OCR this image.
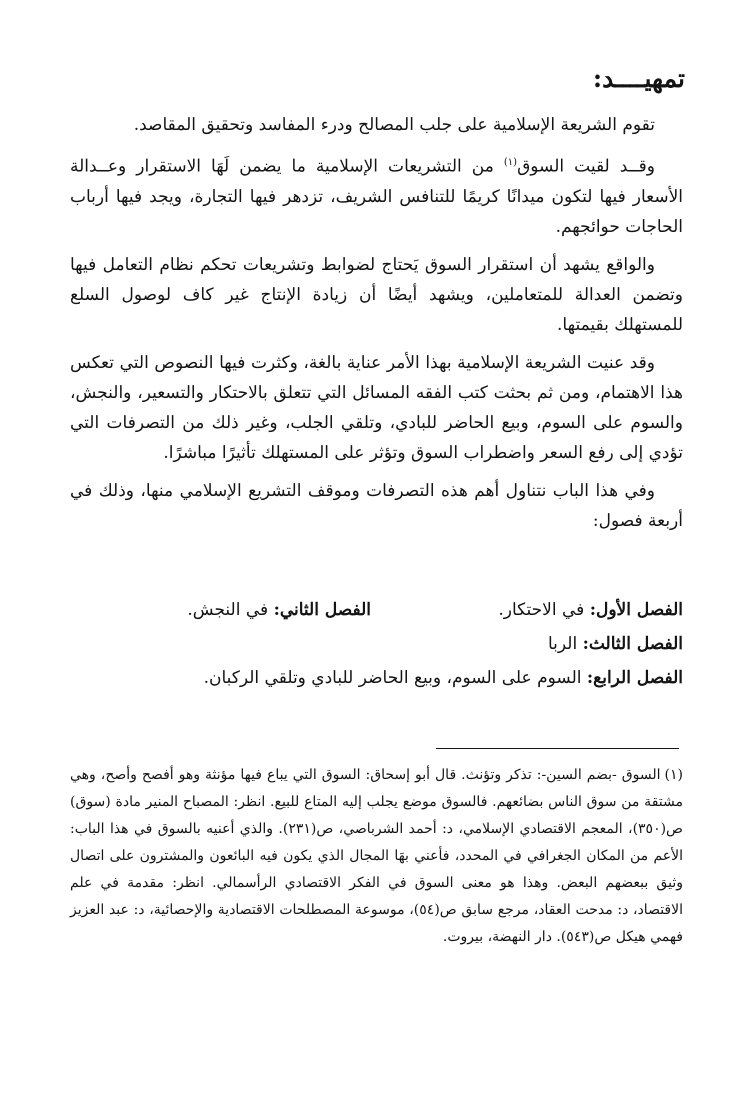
تمهيــــد:

تقوم الشريعة الإسلامية على جلب المصالح ودرء المفاسد وتحقيق المقاصد.

وقــد لقيت السوق$^{(١)}$ من التشريعات الإسلامية ما يضمن لَهَا الاستقرار وعــدالة الأسعار فيها لتكون ميدانًا كريمًا للتنافس الشريف، تزدهر فيها التجارة، ويجد فيها أرباب الحاجات حوائجهم.

والواقع يشهد أن استقرار السوق يَحتاج لضوابط وتشريعات تحكم نظام التعامل فيها وتضمن العدالة للمتعاملين، ويشهد أيضًا أن زيادة الإنتاج غير كاف لوصول السلع للمستهلك بقيمتها.

وقد عنيت الشريعة الإسلامية بهذا الأمر عناية بالغة، وكثرت فيها النصوص التي تعكس هذا الاهتمام، ومن ثم بحثت كتب الفقه المسائل التي تتعلق بالاحتكار والتسعير، والنجش، والسوم على السوم، وبيع الحاضر للبادي، وتلقي الجلب، وغير ذلك من التصرفات التي تؤدي إلى رفع السعر واضطراب السوق وتؤثر على المستهلك تأثيرًا مباشرًا.

وفي هذا الباب نتناول أهم هذه التصرفات وموقف التشريع الإسلامي منها، وذلك في أربعة فصول:

الفصل الأول: في الاحتكار.
الفصل الثاني: في النجش.
الفصل الثالث: الربا
الفصل الرابع: السوم على السوم، وبيع الحاضر للبادي وتلقي الركبان.

(١)السوق -بضم السين-: تذكر وتؤنث. قال أبو إسحاق: السوق التي يباع فيها مؤنثة وهو أفصح وأصح، وهي مشتقة من سوق الناس بضائعهم. فالسوق موضع يجلب إليه المتاع للبيع. انظر: المصباح المنير مادة (سوق) ص(٣٥٠)، المعجم الاقتصادي الإسلامي، د: أحمد الشرباصي، ص(٢٣١). والذي أعنيه بالسوق في هذا الباب: الأعم من المكان الجغرافي في المحدد، فأعني بهَا المجال الذي يكون فيه البائعون والمشترون على اتصال وثيق ببعضهم البعض. وهذا هو معنى السوق في الفكر الاقتصادي الرأسمالي. انظر: مقدمة في علم الاقتصاد، د: مدحت العقاد، مرجع سابق ص(٥٤)، موسوعة المصطلحات الاقتصادية والإحصائية، د: عبد العزيز فهمي هيكل ص(٥٤٣). دار النهضة، بيروت.
